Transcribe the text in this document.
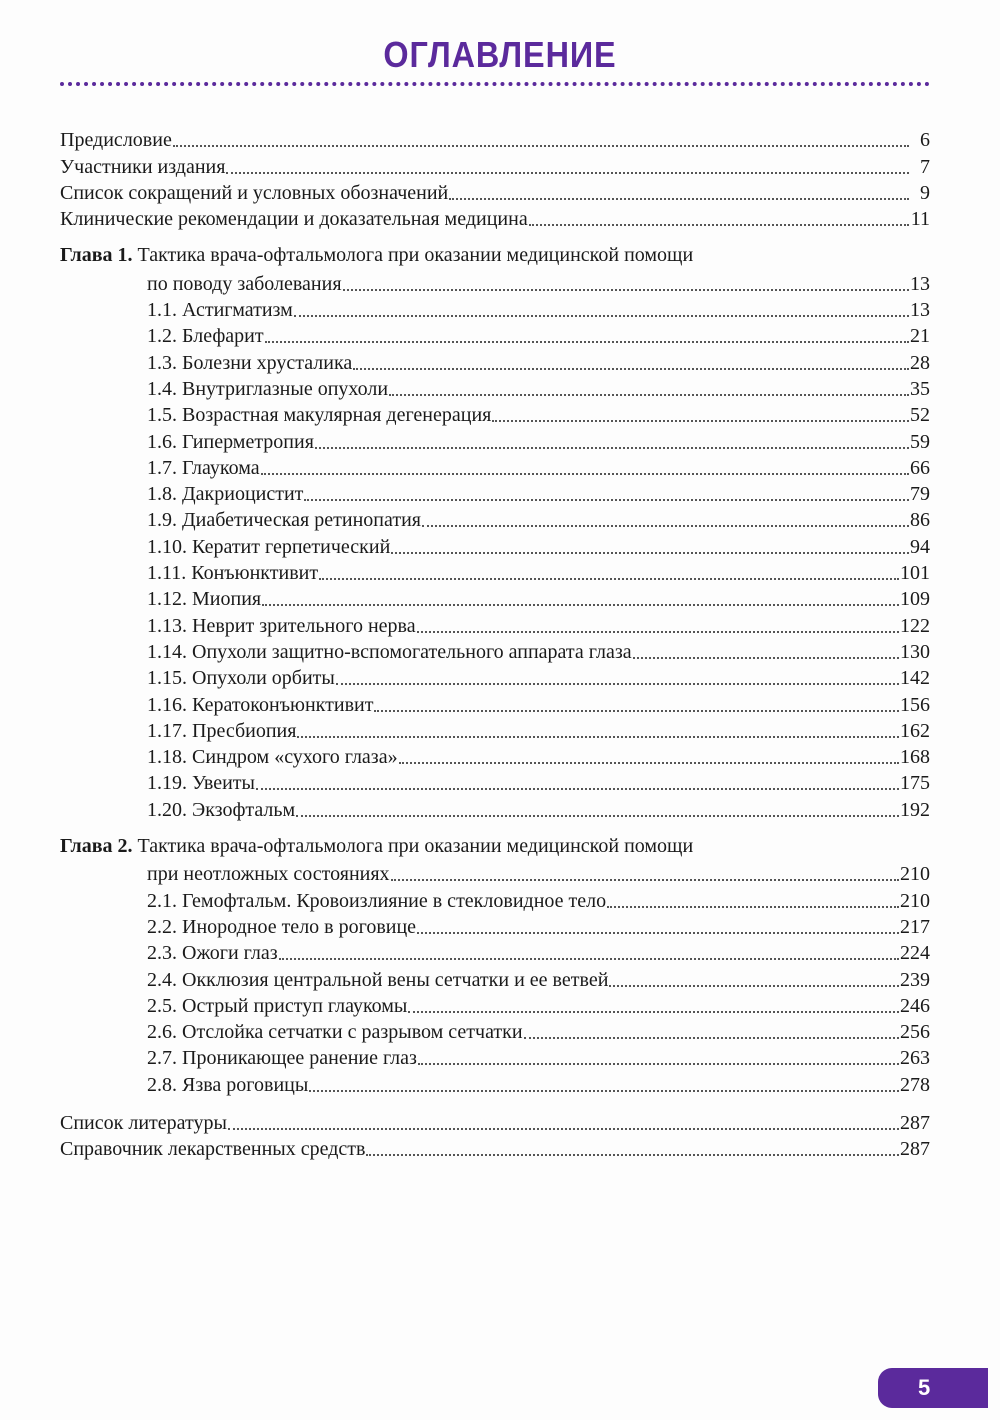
ОГЛАВЛЕНИЕ
Предисловие	6
Участники издания	7
Список сокращений и условных обозначений	9
Клинические рекомендации и доказательная медицина	11
Глава 1. Тактика врача-офтальмолога при оказании медицинской помощи
по поводу заболевания	13
1.1. Астигматизм	13
1.2. Блефарит	21
1.3. Болезни хрусталика	28
1.4. Внутриглазные опухоли	35
1.5. Возрастная макулярная дегенерация	52
1.6. Гиперметропия	59
1.7. Глаукома	66
1.8. Дакриоцистит	79
1.9. Диабетическая ретинопатия	86
1.10. Кератит герпетический	94
1.11. Конъюнктивит	101
1.12. Миопия	109
1.13. Неврит зрительного нерва	122
1.14. Опухоли защитно-вспомогательного аппарата глаза	130
1.15. Опухоли орбиты	142
1.16. Кератоконъюнктивит	156
1.17. Пресбиопия	162
1.18. Синдром «сухого глаза»	168
1.19. Увеиты	175
1.20. Экзофтальм	192
Глава 2. Тактика врача-офтальмолога при оказании медицинской помощи
при неотложных состояниях	210
2.1. Гемофтальм. Кровоизлияние в стекловидное тело	210
2.2. Инородное тело в роговице	217
2.3. Ожоги глаз	224
2.4. Окклюзия центральной вены сетчатки и ее ветвей	239
2.5. Острый приступ глаукомы	246
2.6. Отслойка сетчатки с разрывом сетчатки	256
2.7. Проникающее ранение глаз	263
2.8. Язва роговицы	278
Список литературы	287
Справочник лекарственных средств	287
5
